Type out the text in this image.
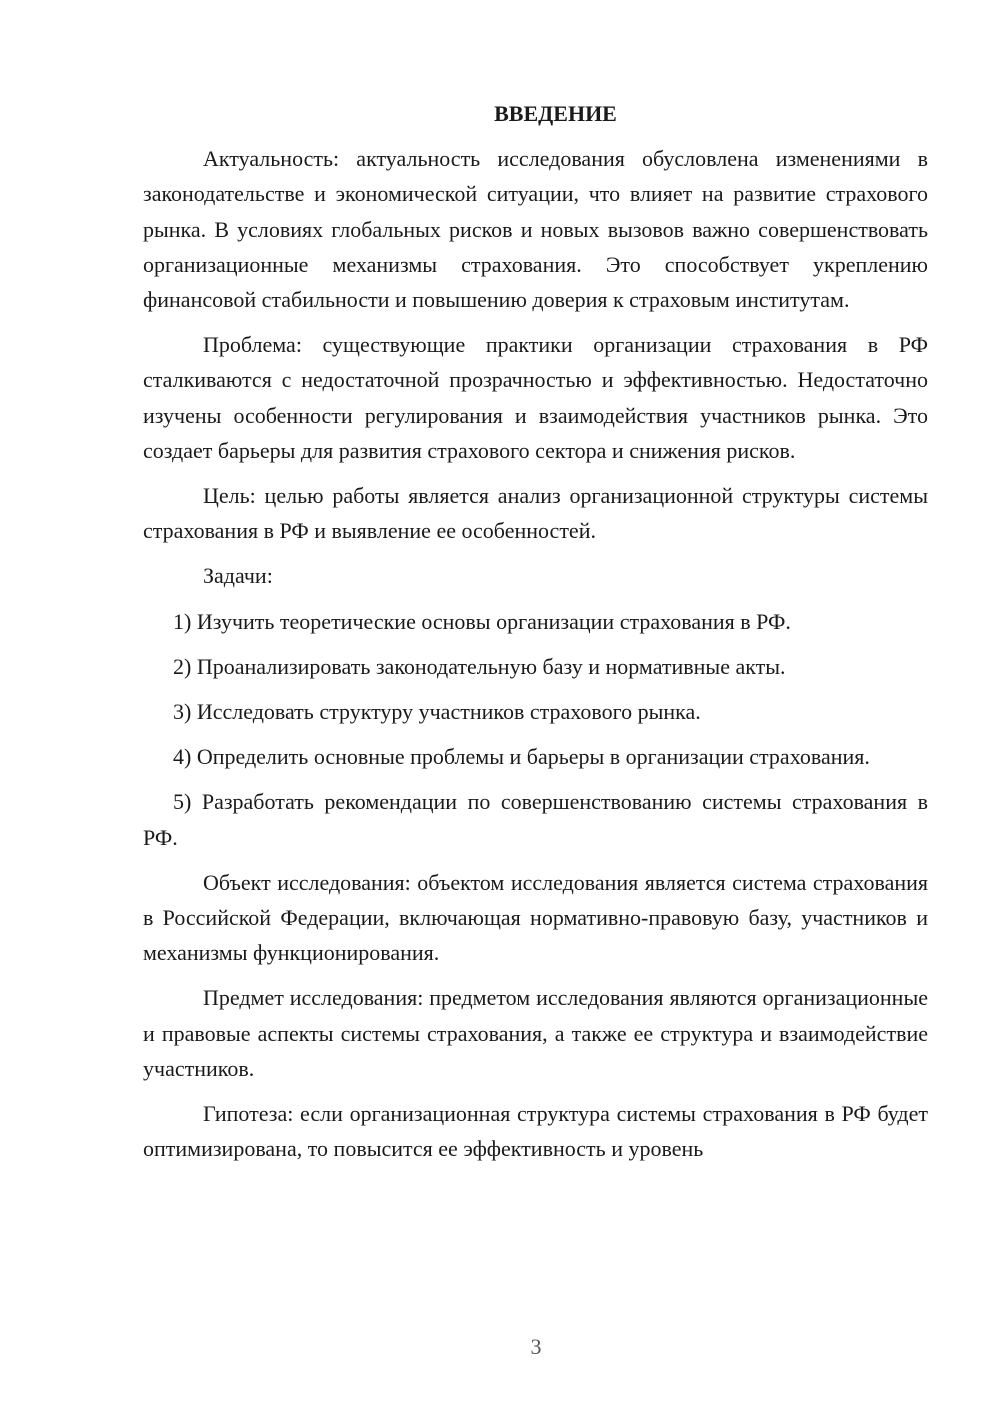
ВВЕДЕНИЕ

Актуальность: актуальность исследования обусловлена изменениями в законодательстве и экономической ситуации, что влияет на развитие страхового рынка. В условиях глобальных рисков и новых вызовов важно совершенствовать организационные механизмы страхования. Это способствует укреплению финансовой стабильности и повышению доверия к страховым институтам.

Проблема: существующие практики организации страхования в РФ сталкиваются с недостаточной прозрачностью и эффективностью. Недостаточно изучены особенности регулирования и взаимодействия участников рынка. Это создает барьеры для развития страхового сектора и снижения рисков.

Цель: целью работы является анализ организационной структуры системы страхования в РФ и выявление ее особенностей.

Задачи:

1) Изучить теоретические основы организации страхования в РФ.

2) Проанализировать законодательную базу и нормативные акты.

3) Исследовать структуру участников страхового рынка.

4) Определить основные проблемы и барьеры в организации страхования.

5) Разработать рекомендации по совершенствованию системы страхования в РФ.

Объект исследования: объектом исследования является система страхования в Российской Федерации, включающая нормативно-правовую базу, участников и механизмы функционирования.

Предмет исследования: предметом исследования являются организационные и правовые аспекты системы страхования, а также ее структура и взаимодействие участников.

Гипотеза: если организационная структура системы страхования в РФ будет оптимизирована, то повысится ее эффективность и уровень

3
